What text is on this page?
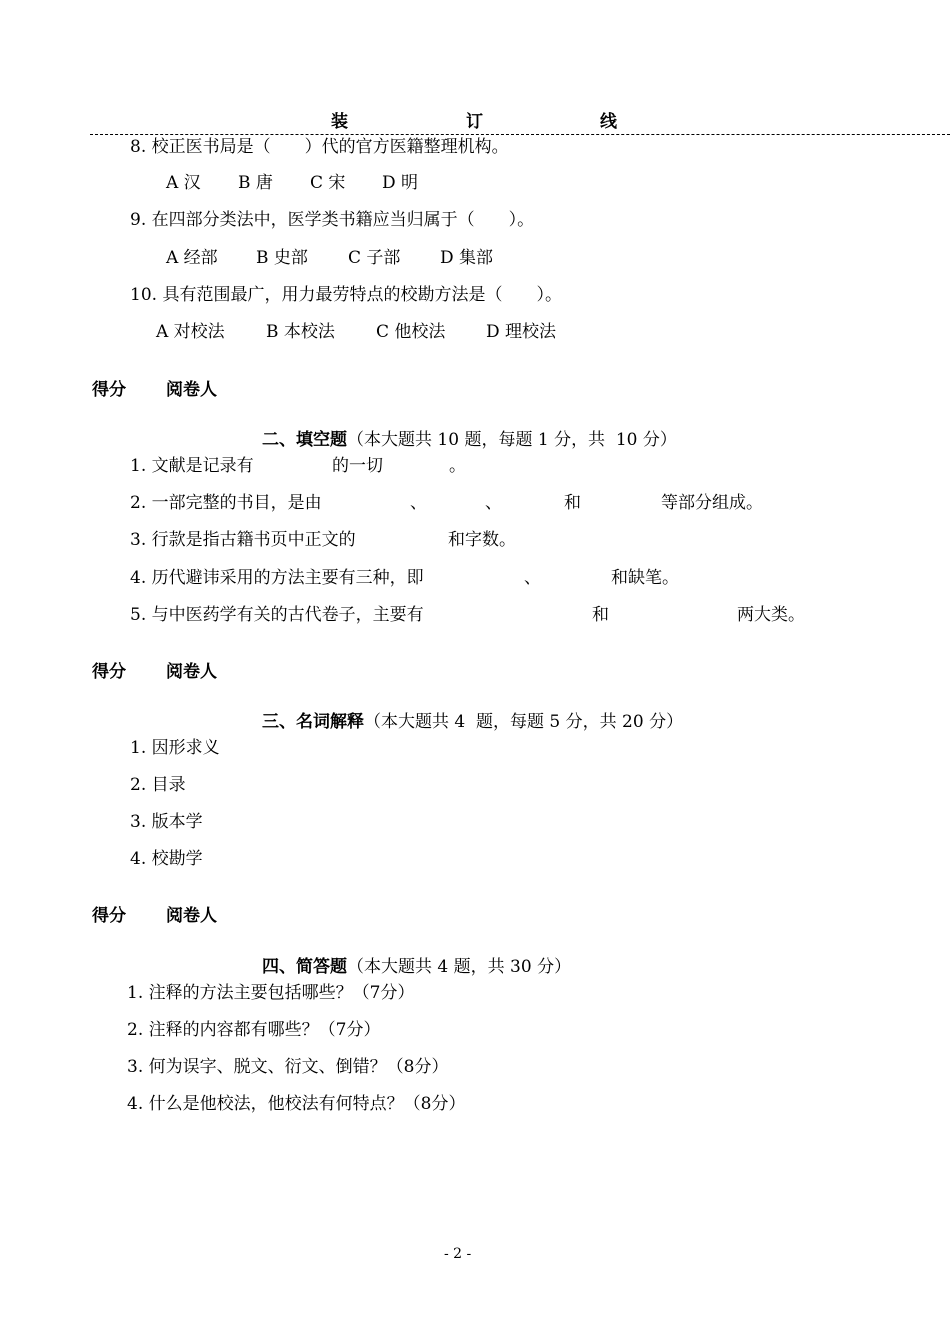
装	订	线
8. 校正医书局是（　　）代的官方医籍整理机构。
A 汉 B 唐 C 宋 D 明
9. 在四部分类法中，医学类书籍应当归属于（　　）。
A 经部 B 史部 C 子部 D 集部
10. 具有范围最广，用力最劳特点的校勘方法是（　　）。
A 对校法 B 本校法 C 他校法 D 理校法
得分 阅卷人
二、填空题（本大题共 10 题，每题 1 分，共  10 分）
1. 文献是记录有	的一切	。
2. 一部完整的书目，是由	、	、	和	等部分组成。
3. 行款是指古籍书页中正文的	和字数。
4. 历代避讳采用的方法主要有三种，即	、	和缺笔。
5. 与中医药学有关的古代卷子，主要有	和	两大类。
得分 阅卷人
三、名词解释（本大题共 4  题，每题 5 分，共 20 分）
1. 因形求义
2. 目录
3. 版本学
4. 校勘学
得分 阅卷人
四、简答题（本大题共 4 题，共 30 分）
1. 注释的方法主要包括哪些？（7分）
2. 注释的内容都有哪些？（7分）
3. 何为误字、脱文、衍文、倒错？（8分）
4. 什么是他校法，他校法有何特点？（8分）
- 2 -
